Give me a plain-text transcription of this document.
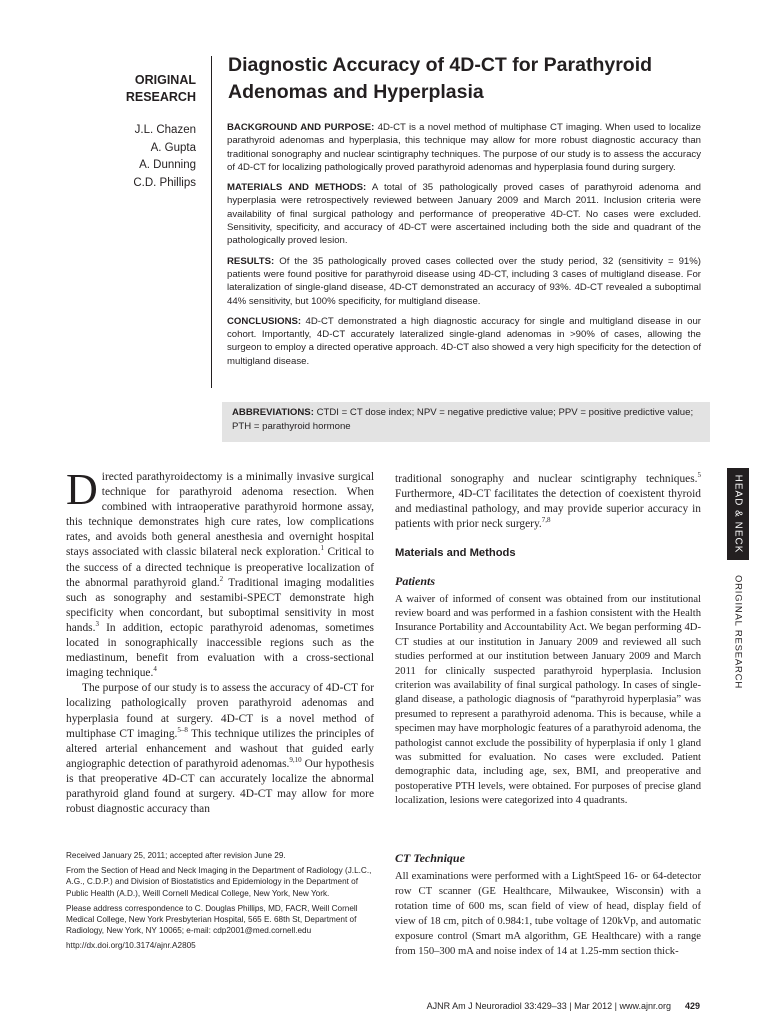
ORIGINAL
RESEARCH
J.L. Chazen
A. Gupta
A. Dunning
C.D. Phillips
Diagnostic Accuracy of 4D-CT for Parathyroid Adenomas and Hyperplasia

BACKGROUND AND PURPOSE: 4D-CT is a novel method of multiphase CT imaging. When used to localize parathyroid adenomas and hyperplasia, this technique may allow for more robust diagnostic accuracy than traditional sonography and nuclear scintigraphy techniques. The purpose of our study is to assess the accuracy of 4D-CT for localizing pathologically proved parathyroid adenomas and hyperplasia found during surgery.

MATERIALS AND METHODS: A total of 35 pathologically proved cases of parathyroid adenoma and hyperplasia were retrospectively reviewed between January 2009 and March 2011. Inclusion criteria were availability of final surgical pathology and performance of preoperative 4D-CT. No cases were excluded. Sensitivity, specificity, and accuracy of 4D-CT were ascertained including both the side and quadrant of the pathologically proved lesion.

RESULTS: Of the 35 pathologically proved cases collected over the study period, 32 (sensitivity = 91%) patients were found positive for parathyroid disease using 4D-CT, including 3 cases of multigland disease. For lateralization of single-gland disease, 4D-CT demonstrated an accuracy of 93%. 4D-CT revealed a suboptimal 44% sensitivity, but 100% specificity, for multigland disease.

CONCLUSIONS: 4D-CT demonstrated a high diagnostic accuracy for single and multigland disease in our cohort. Importantly, 4D-CT accurately lateralized single-gland adenomas in >90% of cases, allowing the surgeon to employ a directed operative approach. 4D-CT also showed a very high specificity for the detection of multigland disease.

ABBREVIATIONS: CTDI = CT dose index; NPV = negative predictive value; PPV = positive predictive value; PTH = parathyroid hormone
HEAD & NECK
ORIGINAL RESEARCH

Directed parathyroidectomy is a minimally invasive surgical technique for parathyroid adenoma resection. When combined with intraoperative parathyroid hormone assay, this technique demonstrates high cure rates, low complications rates, and avoids both general anesthesia and overnight hospital stays associated with classic bilateral neck exploration.$^1$ Critical to the success of a directed technique is preoperative localization of the abnormal parathyroid gland.$^2$ Traditional imaging modalities such as sonography and sestamibi-SPECT demonstrate high specificity when concordant, but suboptimal sensitivity in most hands.$^3$ In addition, ectopic parathyroid adenomas, sometimes located in sonographically inaccessible regions such as the mediastinum, benefit from evaluation with a cross-sectional imaging technique.$^4$

The purpose of our study is to assess the accuracy of 4D-CT for localizing pathologically proven parathyroid adenomas and hyperplasia found at surgery. 4D-CT is a novel method of multiphase CT imaging.$^{5-8}$ This technique utilizes the principles of altered arterial enhancement and washout that guided early angiographic detection of parathyroid adenomas.$^{9,10}$ Our hypothesis is that preoperative 4D-CT can accurately localize the abnormal parathyroid gland found at surgery. 4D-CT may allow for more robust diagnostic accuracy than

traditional sonography and nuclear scintigraphy techniques.$^5$ Furthermore, 4D-CT facilitates the detection of coexistent thyroid and mediastinal pathology, and may provide superior accuracy in patients with prior neck surgery.$^{7,8}$

Materials and Methods
Patients

A waiver of informed of consent was obtained from our institutional review board and was performed in a fashion consistent with the Health Insurance Portability and Accountability Act. We began performing 4D-CT studies at our institution in January 2009 and reviewed all such studies performed at our institution between January 2009 and March 2011 for clinically suspected parathyroid hyperplasia. Inclusion criterion was availability of final surgical pathology. In cases of single-gland disease, a pathologic diagnosis of “parathyroid hyperplasia” was presumed to represent a parathyroid adenoma. This is because, while a specimen may have morphologic features of a parathyroid adenoma, the pathologist cannot exclude the possibility of hyperplasia if only 1 gland was submitted for evaluation. No cases were excluded. Patient demographic data, including age, sex, BMI, and preoperative and postoperative PTH levels, were obtained. For purposes of precise gland localization, lesions were categorized into 4 quadrants.

Received January 25, 2011; accepted after revision June 29.

From the Section of Head and Neck Imaging in the Department of Radiology (J.L.C., A.G., C.D.P.) and Division of Biostatistics and Epidemiology in the Department of Public Health (A.D.), Weill Cornell Medical College, New York, New York.

Please address correspondence to C. Douglas Phillips, MD, FACR, Weill Cornell Medical College, New York Presbyterian Hospital, 565 E. 68th St, Department of Radiology, New York, NY 10065; e-mail: cdp2001@med.cornell.edu

http://dx.doi.org/10.3174/ajnr.A2805

CT Technique

All examinations were performed with a LightSpeed 16- or 64-detector row CT scanner (GE Healthcare, Milwaukee, Wisconsin) with a rotation time of 600 ms, scan field of view of head, display field of view of 18 cm, pitch of 0.984:1, tube voltage of 120kVp, and automatic exposure control (Smart mA algorithm, GE Healthcare) with a range from 150–300 mA and noise index of 14 at 1.25-mm section thick-

AJNR Am J Neuroradiol 33:429–33 | Mar 2012 | www.ajnr.org 429
